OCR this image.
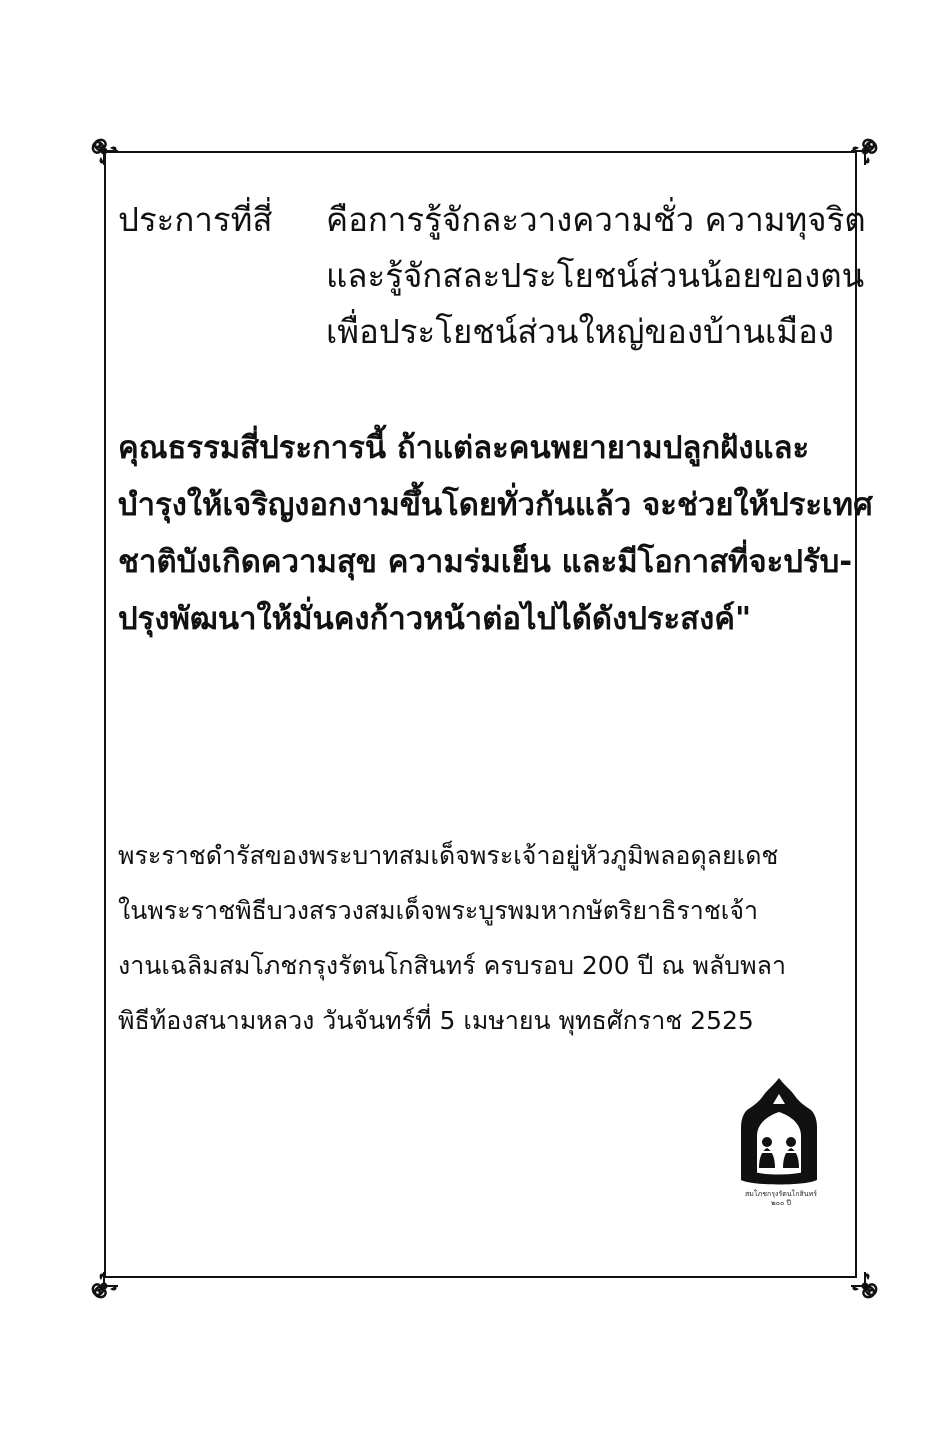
ประการที่สี่ คือการรู้จักละวางความชั่ว ความทุจริต
และรู้จักสละประโยชน์ส่วนน้อยของตน
เพื่อประโยชน์ส่วนใหญ่ของบ้านเมือง
คุณธรรมสี่ประการนี้ ถ้าแต่ละคนพยายามปลูกฝังและ
บำรุงให้เจริญงอกงามขึ้นโดยทั่วกันแล้ว จะช่วยให้ประเทศ
ชาติบังเกิดความสุข ความร่มเย็น และมีโอกาสที่จะปรับ-
ปรุงพัฒนาให้มั่นคงก้าวหน้าต่อไปได้ดังประสงค์"
พระราชดำรัสของพระบาทสมเด็จพระเจ้าอยู่หัวภูมิพลอดุลยเดช
ในพระราชพิธีบวงสรวงสมเด็จพระบูรพมหากษัตริยาธิราชเจ้า
งานเฉลิมสมโภชกรุงรัตนโกสินทร์ ครบรอบ 200 ปี ณ พลับพลา
พิธีท้องสนามหลวง วันจันทร์ที่ 5 เมษายน พุทธศักราช 2525
สมโภชกรุงรัตนโกสินทร์ ๒๐๐ ปี
